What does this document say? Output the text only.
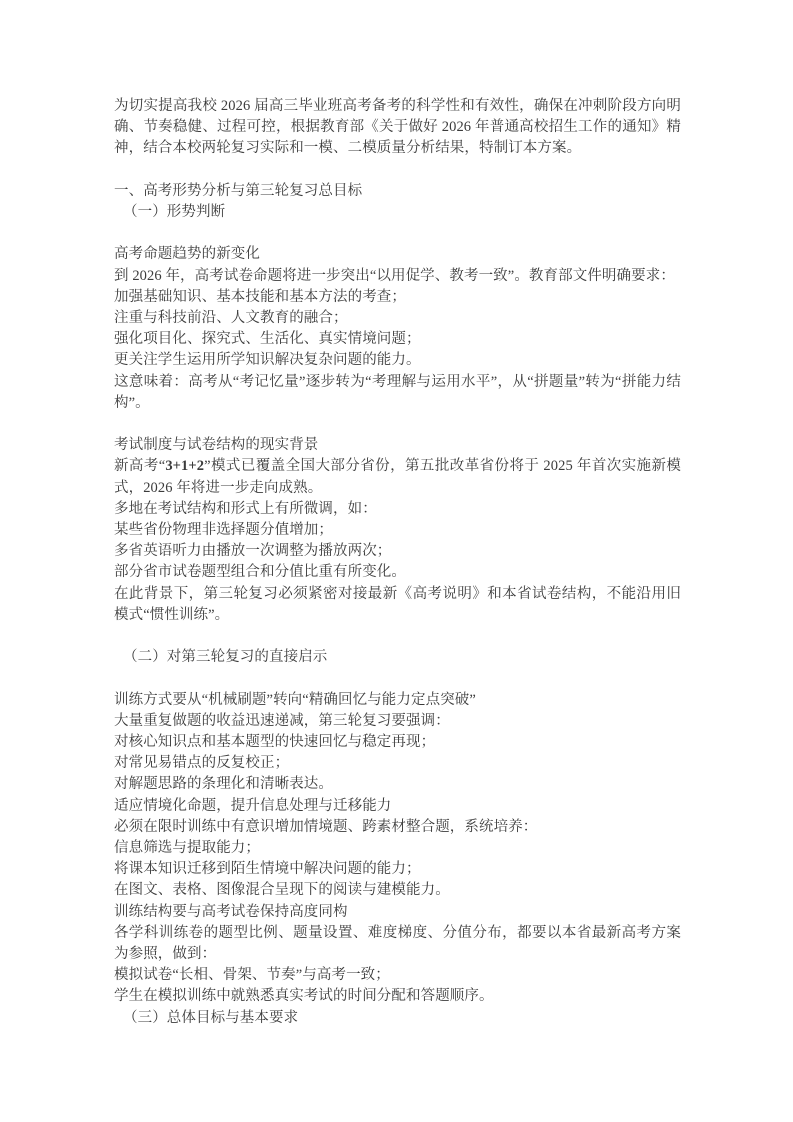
为切实提高我校 2026 届高三毕业班高考备考的科学性和有效性，确保在冲刺阶段方向明确、节奏稳健、过程可控，根据教育部《关于做好 2026 年普通高校招生工作的通知》精神，结合本校两轮复习实际和一模、二模质量分析结果，特制订本方案。

一、高考形势分析与第三轮复习总目标

（一）形势判断

高考命题趋势的新变化

到 2026 年，高考试卷命题将进一步突出“以用促学、教考一致”。教育部文件明确要求：

加强基础知识、基本技能和基本方法的考查；

注重与科技前沿、人文教育的融合；

强化项目化、探究式、生活化、真实情境问题；

更关注学生运用所学知识解决复杂问题的能力。

这意味着：高考从“考记忆量”逐步转为“考理解与运用水平”，从“拼题量”转为“拼能力结构”。

考试制度与试卷结构的现实背景

新高考“3+1+2”模式已覆盖全国大部分省份，第五批改革省份将于 2025 年首次实施新模式，2026 年将进一步走向成熟。

多地在考试结构和形式上有所微调，如：

某些省份物理非选择题分值增加；

多省英语听力由播放一次调整为播放两次；

部分省市试卷题型组合和分值比重有所变化。

在此背景下，第三轮复习必须紧密对接最新《高考说明》和本省试卷结构，不能沿用旧模式“惯性训练”。

（二）对第三轮复习的直接启示

训练方式要从“机械刷题”转向“精确回忆与能力定点突破”

大量重复做题的收益迅速递减，第三轮复习要强调：

对核心知识点和基本题型的快速回忆与稳定再现；

对常见易错点的反复校正；

对解题思路的条理化和清晰表达。

适应情境化命题，提升信息处理与迁移能力

必须在限时训练中有意识增加情境题、跨素材整合题，系统培养：

信息筛选与提取能力；

将课本知识迁移到陌生情境中解决问题的能力；

在图文、表格、图像混合呈现下的阅读与建模能力。

训练结构要与高考试卷保持高度同构

各学科训练卷的题型比例、题量设置、难度梯度、分值分布，都要以本省最新高考方案为参照，做到：

模拟试卷“长相、骨架、节奏”与高考一致；

学生在模拟训练中就熟悉真实考试的时间分配和答题顺序。

（三）总体目标与基本要求
